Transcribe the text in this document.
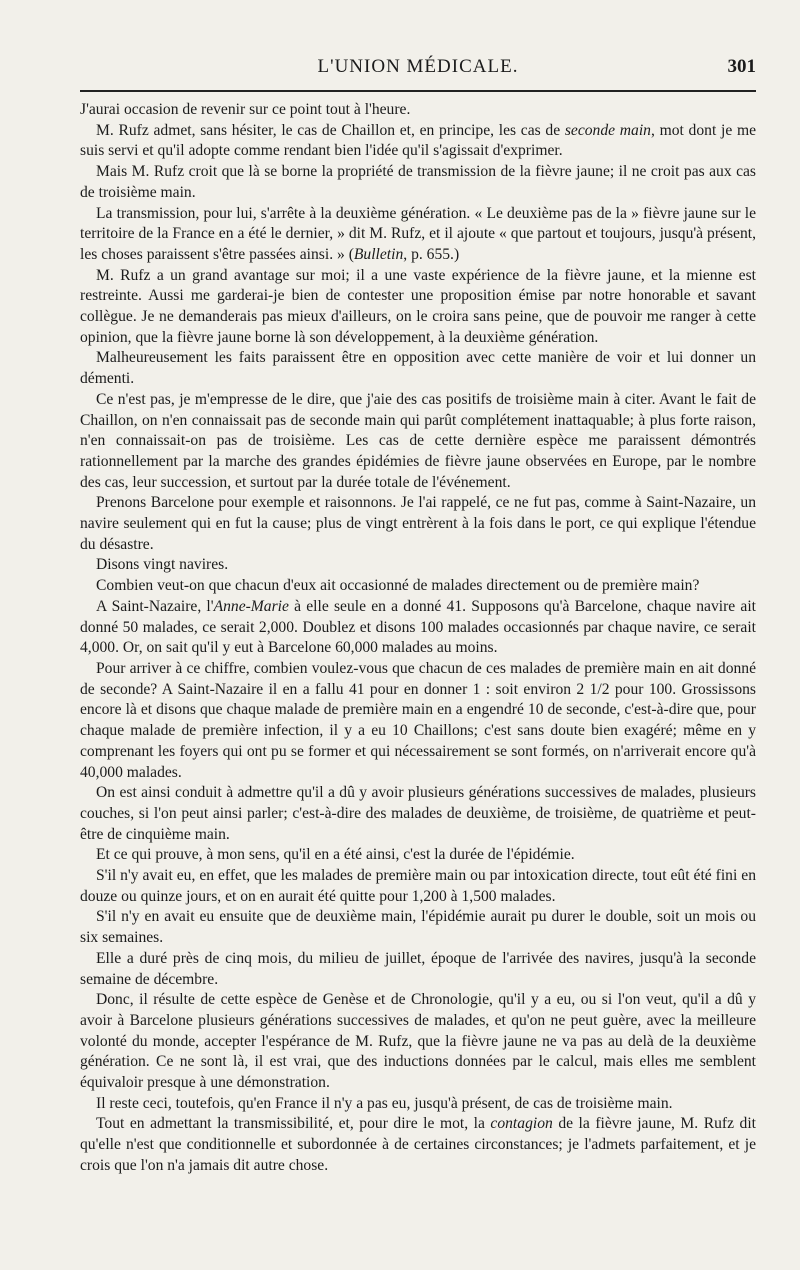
L'UNION MÉDICALE.	301

J'aurai occasion de revenir sur ce point tout à l'heure.

M. Rufz admet, sans hésiter, le cas de Chaillon et, en principe, les cas de seconde main, mot dont je me suis servi et qu'il adopte comme rendant bien l'idée qu'il s'agissait d'exprimer.

Mais M. Rufz croit que là se borne la propriété de transmission de la fièvre jaune; il ne croit pas aux cas de troisième main.

La transmission, pour lui, s'arrête à la deuxième génération. « Le deuxième pas de la » fièvre jaune sur le territoire de la France en a été le dernier, » dit M. Rufz, et il ajoute « que partout et toujours, jusqu'à présent, les choses paraissent s'être passées ainsi. » (Bulletin, p. 655.)

M. Rufz a un grand avantage sur moi; il a une vaste expérience de la fièvre jaune, et la mienne est restreinte. Aussi me garderai-je bien de contester une proposition émise par notre honorable et savant collègue. Je ne demanderais pas mieux d'ailleurs, on le croira sans peine, que de pouvoir me ranger à cette opinion, que la fièvre jaune borne là son développement, à la deuxième génération.

Malheureusement les faits paraissent être en opposition avec cette manière de voir et lui donner un démenti.

Ce n'est pas, je m'empresse de le dire, que j'aie des cas positifs de troisième main à citer. Avant le fait de Chaillon, on n'en connaissait pas de seconde main qui parût complétement inattaquable; à plus forte raison, n'en connaissait-on pas de troisième. Les cas de cette dernière espèce me paraissent démontrés rationnellement par la marche des grandes épidémies de fièvre jaune observées en Europe, par le nombre des cas, leur succession, et surtout par la durée totale de l'événement.

Prenons Barcelone pour exemple et raisonnons. Je l'ai rappelé, ce ne fut pas, comme à Saint-Nazaire, un navire seulement qui en fut la cause; plus de vingt entrèrent à la fois dans le port, ce qui explique l'étendue du désastre.

Disons vingt navires.

Combien veut-on que chacun d'eux ait occasionné de malades directement ou de première main?

A Saint-Nazaire, l'Anne-Marie à elle seule en a donné 41. Supposons qu'à Barcelone, chaque navire ait donné 50 malades, ce serait 2,000. Doublez et disons 100 malades occasionnés par chaque navire, ce serait 4,000. Or, on sait qu'il y eut à Barcelone 60,000 malades au moins.

Pour arriver à ce chiffre, combien voulez-vous que chacun de ces malades de première main en ait donné de seconde? A Saint-Nazaire il en a fallu 41 pour en donner 1 : soit environ 2 1/2 pour 100. Grossissons encore là et disons que chaque malade de première main en a engendré 10 de seconde, c'est-à-dire que, pour chaque malade de première infection, il y a eu 10 Chaillons; c'est sans doute bien exagéré; même en y comprenant les foyers qui ont pu se former et qui nécessairement se sont formés, on n'arriverait encore qu'à 40,000 malades.

On est ainsi conduit à admettre qu'il a dû y avoir plusieurs générations successives de malades, plusieurs couches, si l'on peut ainsi parler; c'est-à-dire des malades de deuxième, de troisième, de quatrième et peut-être de cinquième main.

Et ce qui prouve, à mon sens, qu'il en a été ainsi, c'est la durée de l'épidémie.

S'il n'y avait eu, en effet, que les malades de première main ou par intoxication directe, tout eût été fini en douze ou quinze jours, et on en aurait été quitte pour 1,200 à 1,500 malades.

S'il n'y en avait eu ensuite que de deuxième main, l'épidémie aurait pu durer le double, soit un mois ou six semaines.

Elle a duré près de cinq mois, du milieu de juillet, époque de l'arrivée des navires, jusqu'à la seconde semaine de décembre.

Donc, il résulte de cette espèce de Genèse et de Chronologie, qu'il y a eu, ou si l'on veut, qu'il a dû y avoir à Barcelone plusieurs générations successives de malades, et qu'on ne peut guère, avec la meilleure volonté du monde, accepter l'espérance de M. Rufz, que la fièvre jaune ne va pas au delà de la deuxième génération. Ce ne sont là, il est vrai, que des inductions données par le calcul, mais elles me semblent équivaloir presque à une démonstration.

Il reste ceci, toutefois, qu'en France il n'y a pas eu, jusqu'à présent, de cas de troisième main.

Tout en admettant la transmissibilité, et, pour dire le mot, la contagion de la fièvre jaune, M. Rufz dit qu'elle n'est que conditionnelle et subordonnée à de certaines circonstances; je l'admets parfaitement, et je crois que l'on n'a jamais dit autre chose.
